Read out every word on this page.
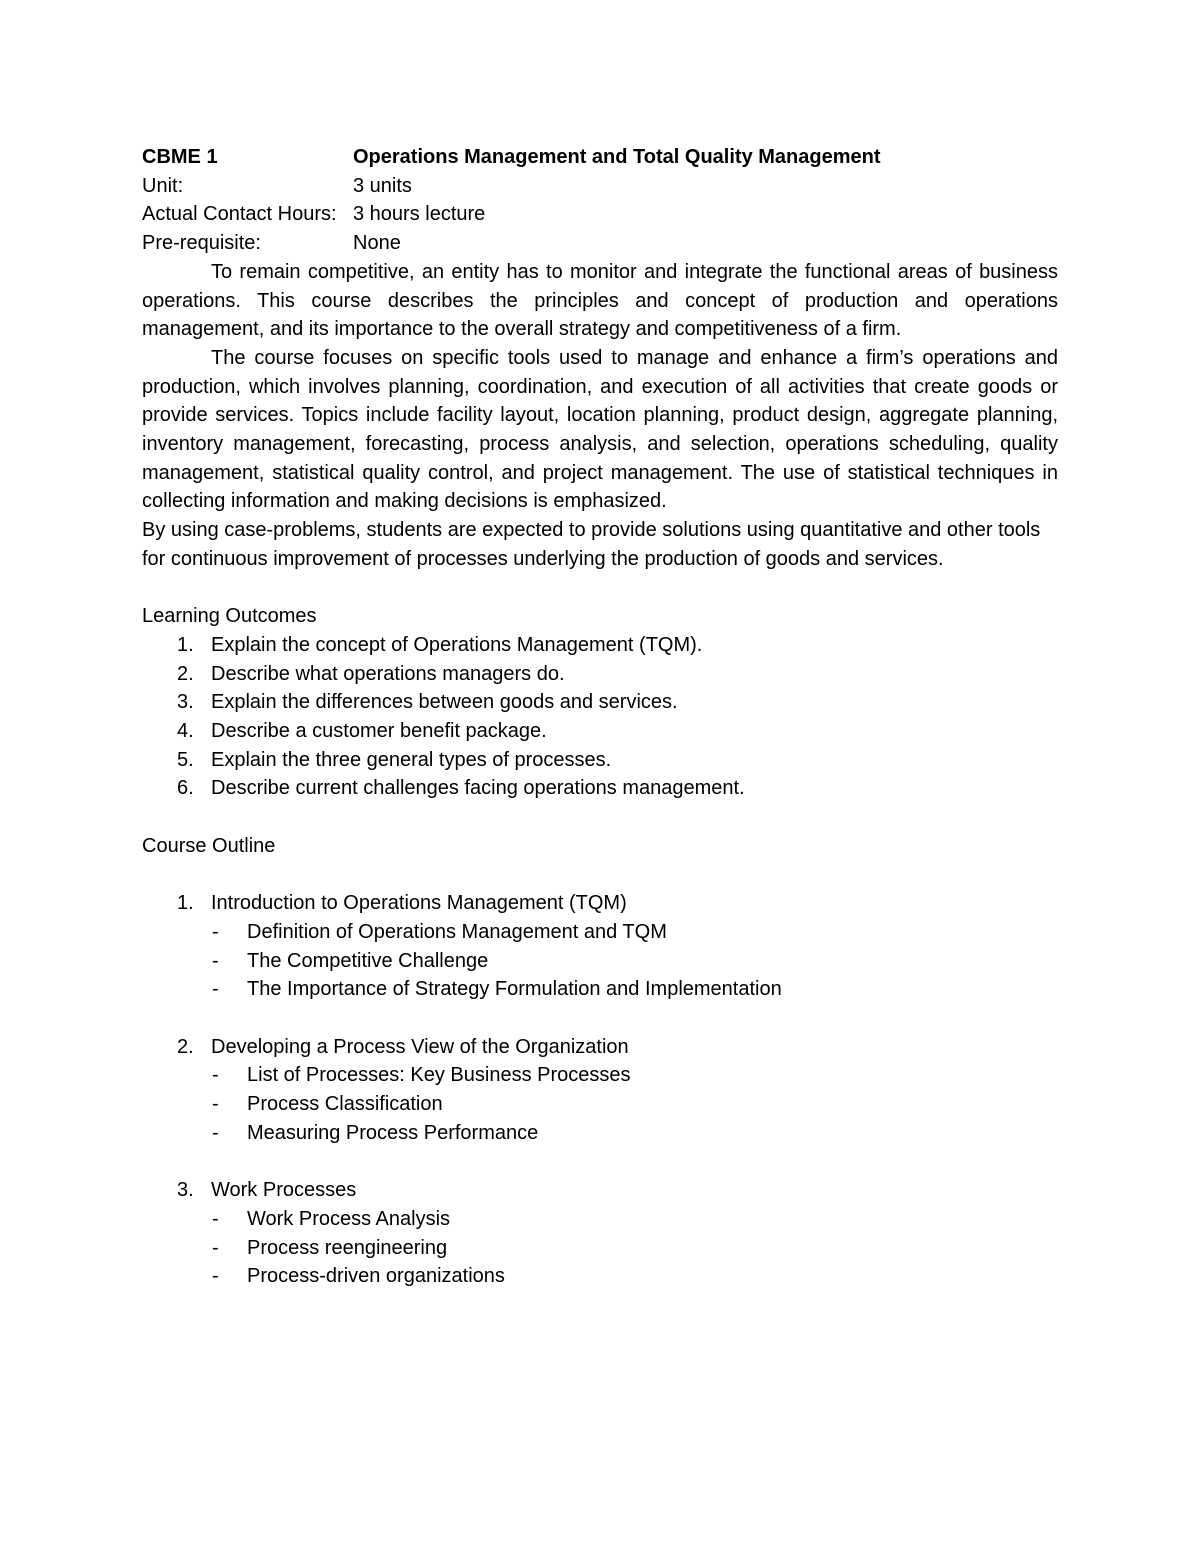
CBME 1	Operations Management and Total Quality Management
Unit:	3 units
Actual Contact Hours: 3 hours lecture
Pre-requisite:	None

To remain competitive, an entity has to monitor and integrate the functional areas of business operations. This course describes the principles and concept of production and operations management, and its importance to the overall strategy and competitiveness of a firm.

The course focuses on specific tools used to manage and enhance a firm’s operations and production, which involves planning, coordination, and execution of all activities that create goods or provide services. Topics include facility layout, location planning, product design, aggregate planning, inventory management, forecasting, process analysis, and selection, operations scheduling, quality management, statistical quality control, and project management. The use of statistical techniques in collecting information and making decisions is emphasized.

By using case-problems, students are expected to provide solutions using quantitative and other tools for continuous improvement of processes underlying the production of goods and services.

Learning Outcomes
1. Explain the concept of Operations Management (TQM).
2. Describe what operations managers do.
3. Explain the differences between goods and services.
4. Describe a customer benefit package.
5. Explain the three general types of processes.
6. Describe current challenges facing operations management.
Course Outline
1. Introduction to Operations Management (TQM)
-	Definition of Operations Management and TQM
-	The Competitive Challenge
-	The Importance of Strategy Formulation and Implementation
2. Developing a Process View of the Organization
-	List of Processes: Key Business Processes
-	Process Classification
-	Measuring Process Performance
3. Work Processes
-	Work Process Analysis
-	Process reengineering
-	Process-driven organizations
